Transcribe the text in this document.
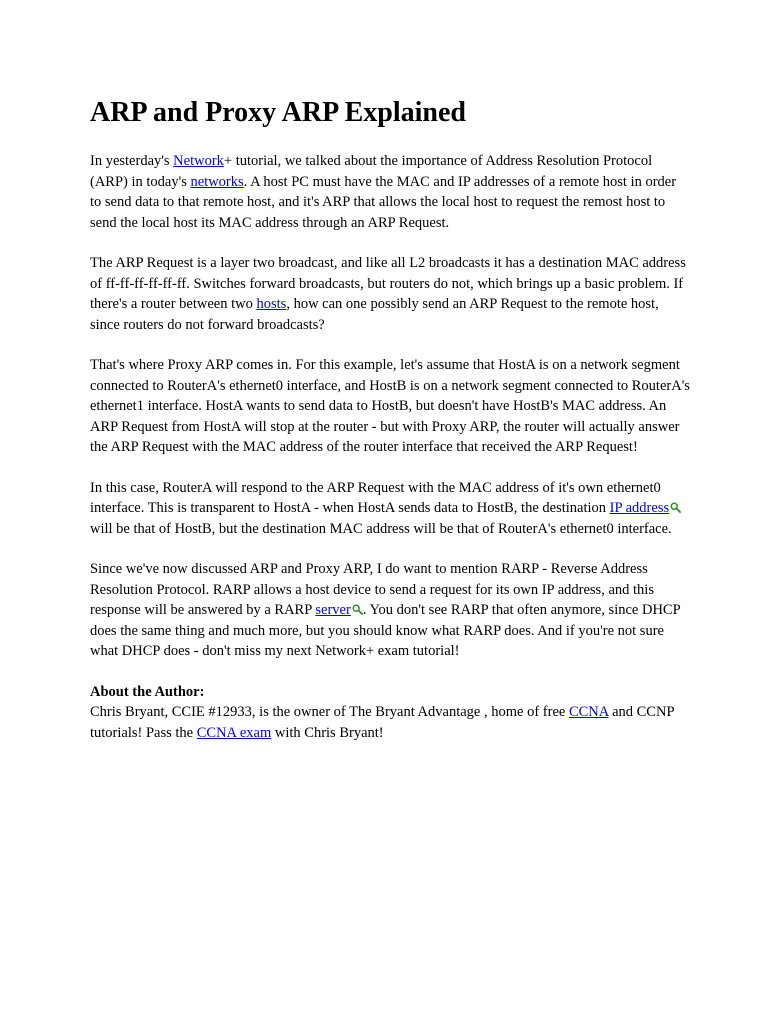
ARP and Proxy ARP Explained

In yesterday's Network+ tutorial, we talked about the importance of Address Resolution Protocol (ARP) in today's networks. A host PC must have the MAC and IP addresses of a remote host in order to send data to that remote host, and it's ARP that allows the local host to request the remost host to send the local host its MAC address through an ARP Request.

The ARP Request is a layer two broadcast, and like all L2 broadcasts it has a destination MAC address of ff-ff-ff-ff-ff-ff. Switches forward broadcasts, but routers do not, which brings up a basic problem. If there's a router between two hosts, how can one possibly send an ARP Request to the remote host, since routers do not forward broadcasts?

That's where Proxy ARP comes in. For this example, let's assume that HostA is on a network segment connected to RouterA's ethernet0 interface, and HostB is on a network segment connected to RouterA's ethernet1 interface. HostA wants to send data to HostB, but doesn't have HostB's MAC address. An ARP Request from HostA will stop at the router - but with Proxy ARP, the router will actually answer the ARP Request with the MAC address of the router interface that received the ARP Request!

In this case, RouterA will respond to the ARP Request with the MAC address of it's own ethernet0 interface. This is transparent to HostA - when HostA sends data to HostB, the destination IP address will be that of HostB, but the destination MAC address will be that of RouterA's ethernet0 interface.

Since we've now discussed ARP and Proxy ARP, I do want to mention RARP - Reverse Address Resolution Protocol. RARP allows a host device to send a request for its own IP address, and this response will be answered by a RARP server . You don't see RARP that often anymore, since DHCP does the same thing and much more, but you should know what RARP does. And if you're not sure what DHCP does - don't miss my next Network+ exam tutorial!

About the Author:

Chris Bryant, CCIE #12933, is the owner of The Bryant Advantage , home of free CCNA and CCNP tutorials! Pass the CCNA exam with Chris Bryant!
